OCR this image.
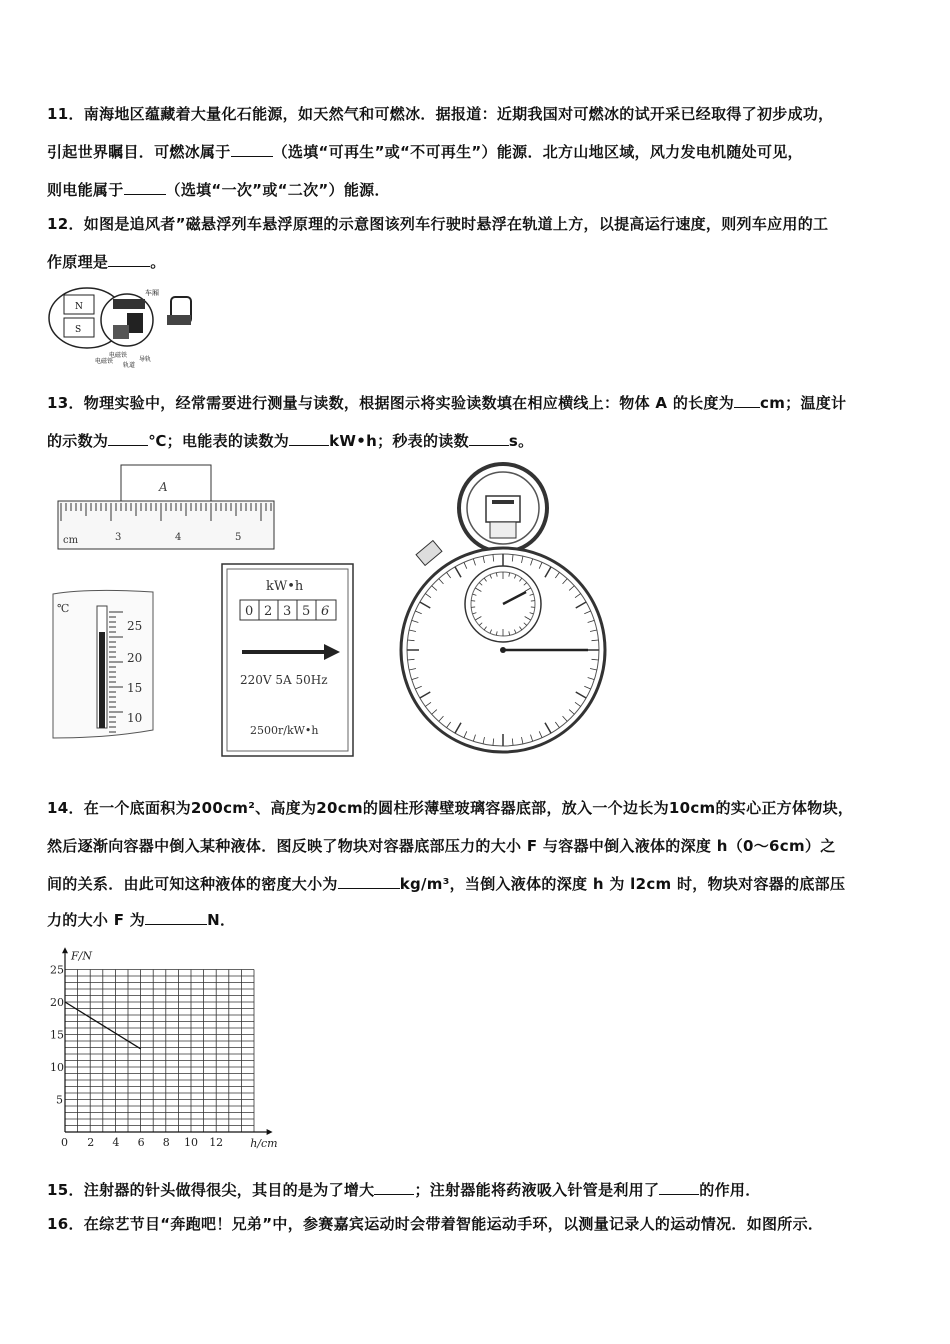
11．南海地区蕴藏着大量化石能源，如天然气和可燃冰．据报道：近期我国对可燃冰的试开采已经取得了初步成功，
引起世界瞩目．可燃冰属于	（选填“可再生”或“不可再生”）能源．北方山地区域，风力发电机随处可见，
则电能属于	（选填“一次”或“二次”）能源．
12．如图是追风者”磁悬浮列车悬浮原理的示意图该列车行驶时悬浮在轨道上方，以提高运行速度，则列车应用的工
作原理是	。
N
S
车厢
电磁铁
电磁铁
轨道
导轨
13．物理实验中，经常需要进行测量与读数，根据图示将实验读数填在相应横线上：物体 A 的长度为 cm；温度计
的示数为	℃；电能表的读数为	kW•h；秒表的读数	s。
A
cm	3	4	5
℃
25
20
15
10
kW•h
0 2 3 5 6
220V 5A 50Hz
2500r/kW•h
14．在一个底面积为200cm²、高度为20cm的圆柱形薄壁玻璃容器底部，放入一个边长为10cm的实心正方体物块，
然后逐渐向容器中倒入某种液体．图反映了物块对容器底部压力的大小 F 与容器中倒入液体的深度 h（0～6cm）之
间的关系．由此可知这种液体的密度大小为	kg/m³，当倒入液体的深度 h 为 l2cm 时，物块对容器的底部压
力的大小 F 为	N．
0 2 4 6 8 10 12
5
10
15
20
25
F/N
h/cm
15．注射器的针头做得很尖，其目的是为了增大	；注射器能将药液吸入针管是利用了	的作用．
16．在综艺节目“奔跑吧！兄弟”中，参赛嘉宾运动时会带着智能运动手环，以测量记录人的运动情况．如图所示．
